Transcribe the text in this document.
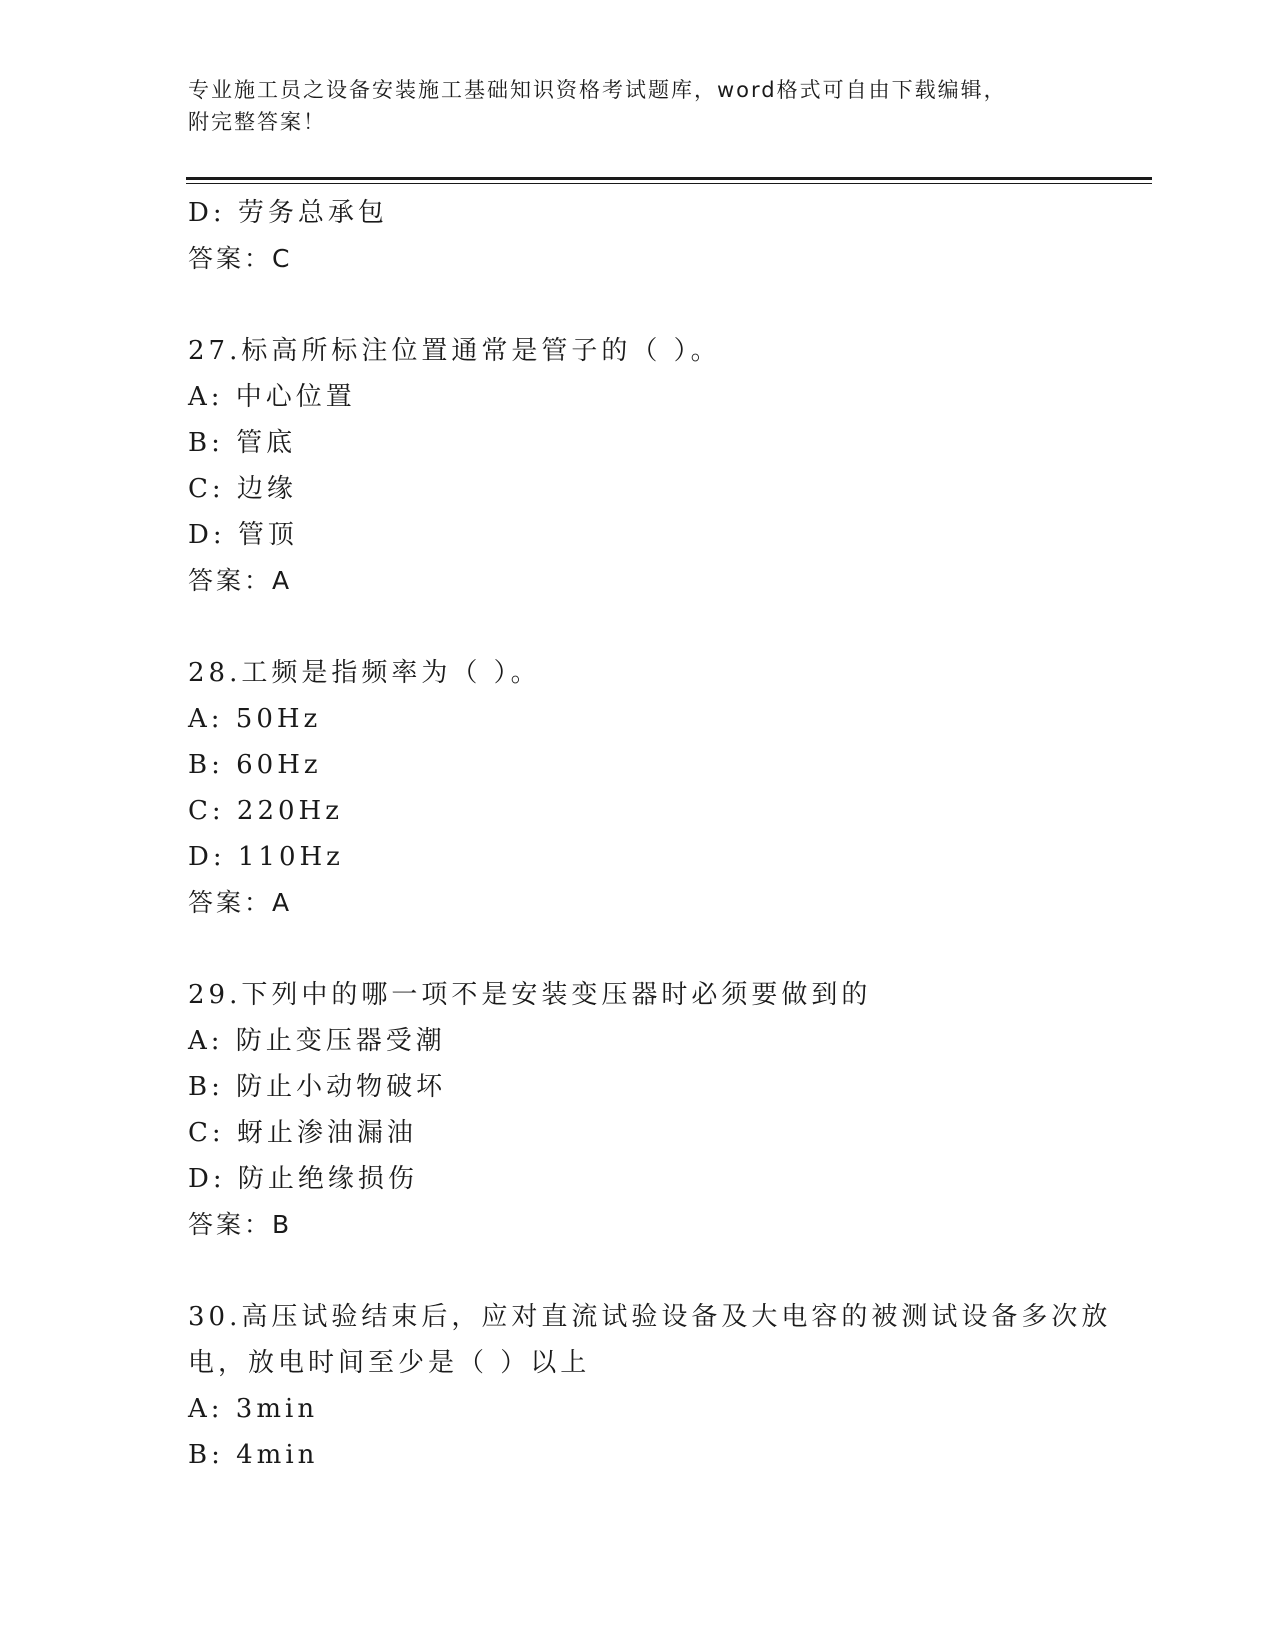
专业施工员之设备安装施工基础知识资格考试题库，word格式可自由下载编辑，
附完整答案！
D: 劳务总承包
答案：C
27.标高所标注位置通常是管子的（ ）。
A: 中心位置
B: 管底
C: 边缘
D: 管顶
答案：A
28.工频是指频率为（ ）。
A: 50Hz
B: 60Hz
C: 220Hz
D: 110Hz
答案：A
29.下列中的哪一项不是安装变压器时必须要做到的
A: 防止变压器受潮
B: 防止小动物破坏
C: 蚜止渗油漏油
D: 防止绝缘损伤
答案：B
30.高压试验结束后，应对直流试验设备及大电容的被测试设备多次放
电，放电时间至少是（ ）以上
A: 3min
B: 4min
